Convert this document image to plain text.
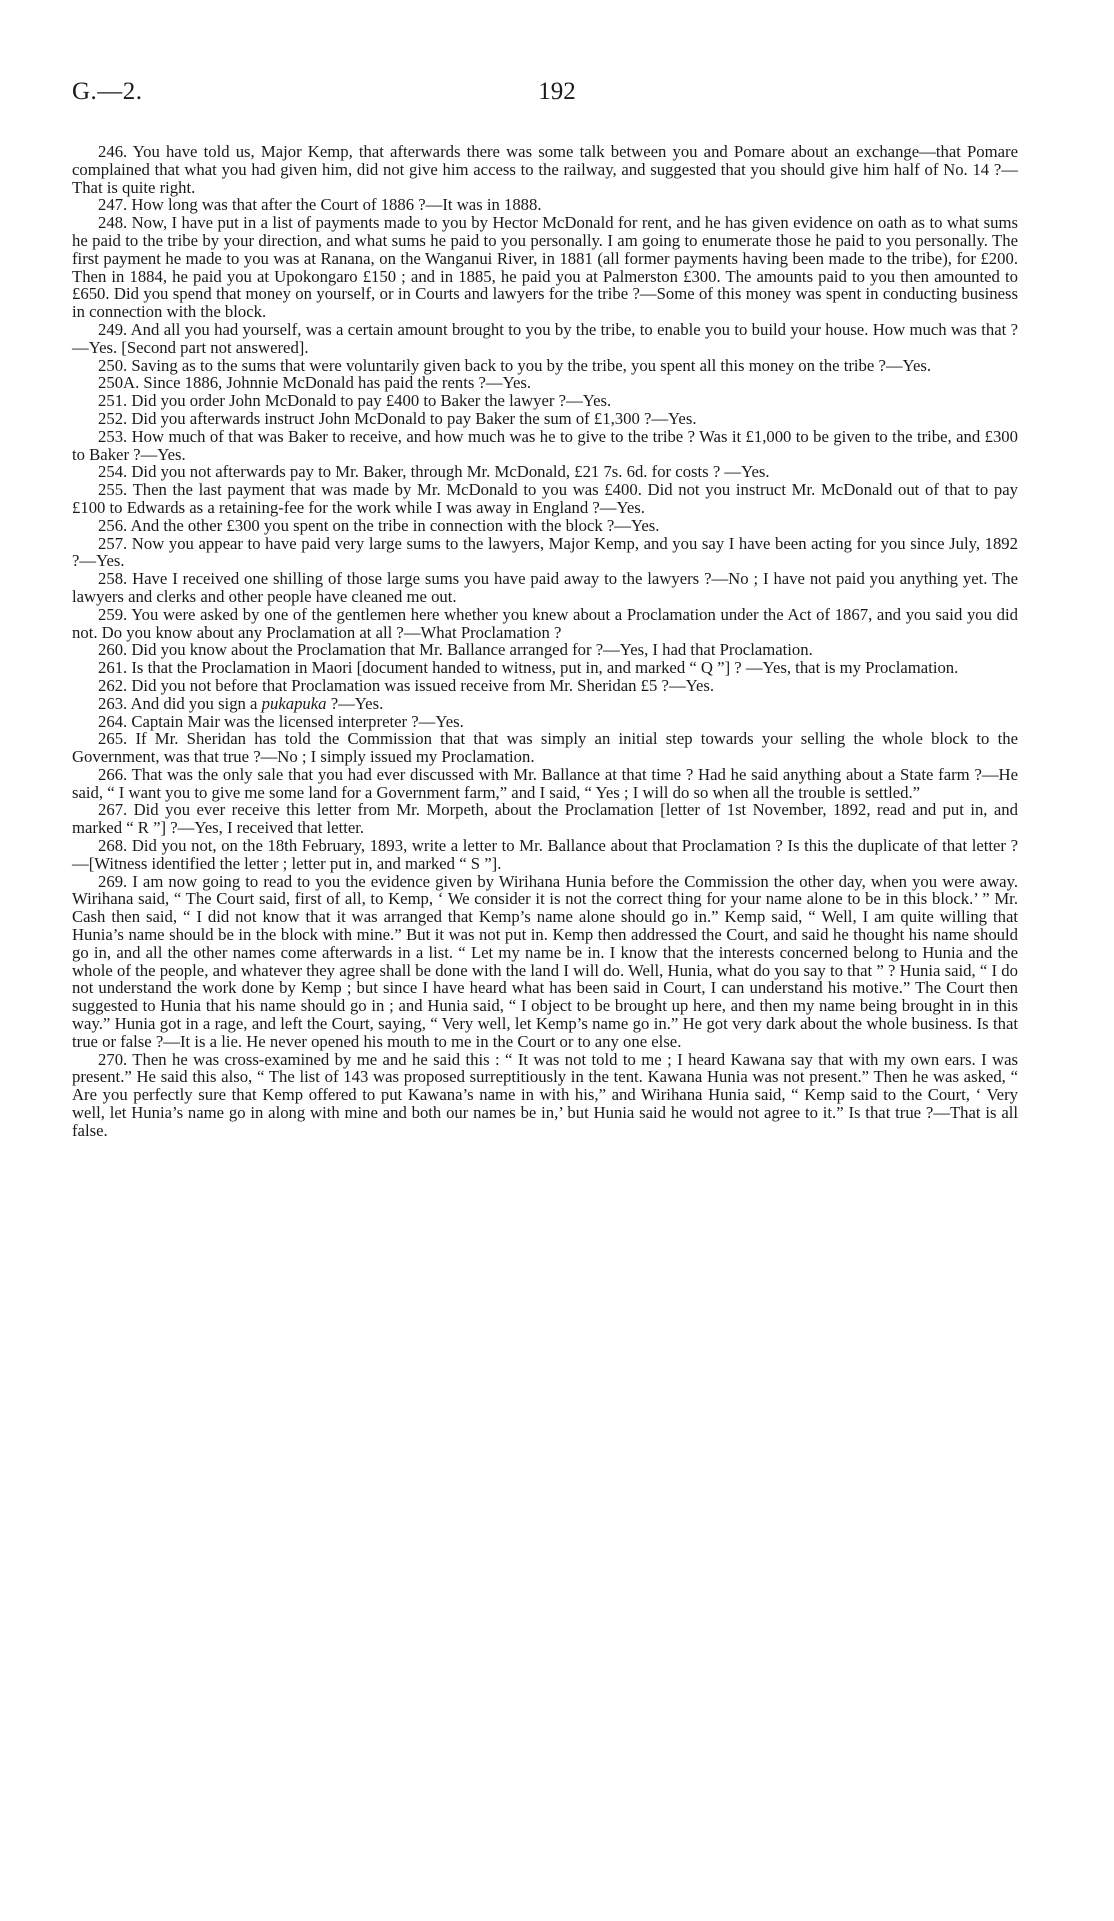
G.—2.	192

246. You have told us, Major Kemp, that afterwards there was some talk between you and Pomare about an exchange—that Pomare complained that what you had given him, did not give him access to the railway, and suggested that you should give him half of No. 14 ?—That is quite right.

247. How long was that after the Court of 1886 ?—It was in 1888.

248. Now, I have put in a list of payments made to you by Hector McDonald for rent, and he has given evidence on oath as to what sums he paid to the tribe by your direction, and what sums he paid to you personally. I am going to enumerate those he paid to you personally. The first payment he made to you was at Ranana, on the Wanganui River, in 1881 (all former payments having been made to the tribe), for £200. Then in 1884, he paid you at Upokongaro £150 ; and in 1885, he paid you at Palmerston £300. The amounts paid to you then amounted to £650. Did you spend that money on yourself, or in Courts and lawyers for the tribe ?—Some of this money was spent in conducting business in connection with the block.

249. And all you had yourself, was a certain amount brought to you by the tribe, to enable you to build your house. How much was that ?—Yes. [Second part not answered].

250. Saving as to the sums that were voluntarily given back to you by the tribe, you spent all this money on the tribe ?—Yes.

250A. Since 1886, Johnnie McDonald has paid the rents ?—Yes.

251. Did you order John McDonald to pay £400 to Baker the lawyer ?—Yes.

252. Did you afterwards instruct John McDonald to pay Baker the sum of £1,300 ?—Yes.

253. How much of that was Baker to receive, and how much was he to give to the tribe ? Was it £1,000 to be given to the tribe, and £300 to Baker ?—Yes.

254. Did you not afterwards pay to Mr. Baker, through Mr. McDonald, £21 7s. 6d. for costs ? —Yes.

255. Then the last payment that was made by Mr. McDonald to you was £400. Did not you instruct Mr. McDonald out of that to pay £100 to Edwards as a retaining-fee for the work while I was away in England ?—Yes.

256. And the other £300 you spent on the tribe in connection with the block ?—Yes.

257. Now you appear to have paid very large sums to the lawyers, Major Kemp, and you say I have been acting for you since July, 1892 ?—Yes.

258. Have I received one shilling of those large sums you have paid away to the lawyers ?—No ; I have not paid you anything yet. The lawyers and clerks and other people have cleaned me out.

259. You were asked by one of the gentlemen here whether you knew about a Proclamation under the Act of 1867, and you said you did not. Do you know about any Proclamation at all ?—What Proclamation ?

260. Did you know about the Proclamation that Mr. Ballance arranged for ?—Yes, I had that Proclamation.

261. Is that the Proclamation in Maori [document handed to witness, put in, and marked “ Q ”] ? —Yes, that is my Proclamation.

262. Did you not before that Proclamation was issued receive from Mr. Sheridan £5 ?—Yes.

263. And did you sign a pukapuka ?—Yes.

264. Captain Mair was the licensed interpreter ?—Yes.

265. If Mr. Sheridan has told the Commission that that was simply an initial step towards your selling the whole block to the Government, was that true ?—No ; I simply issued my Proclamation.

266. That was the only sale that you had ever discussed with Mr. Ballance at that time ? Had he said anything about a State farm ?—He said, “ I want you to give me some land for a Government farm,” and I said, “ Yes ; I will do so when all the trouble is settled.”

267. Did you ever receive this letter from Mr. Morpeth, about the Proclamation [letter of 1st November, 1892, read and put in, and marked “ R ”] ?—Yes, I received that letter.

268. Did you not, on the 18th February, 1893, write a letter to Mr. Ballance about that Proclamation ? Is this the duplicate of that letter ?—[Witness identified the letter ; letter put in, and marked “ S ”].

269. I am now going to read to you the evidence given by Wirihana Hunia before the Commission the other day, when you were away. Wirihana said, “ The Court said, first of all, to Kemp, ‘ We consider it is not the correct thing for your name alone to be in this block.’ ” Mr. Cash then said, “ I did not know that it was arranged that Kemp’s name alone should go in.” Kemp said, “ Well, I am quite willing that Hunia’s name should be in the block with mine.” But it was not put in. Kemp then addressed the Court, and said he thought his name should go in, and all the other names come afterwards in a list. “ Let my name be in. I know that the interests concerned belong to Hunia and the whole of the people, and whatever they agree shall be done with the land I will do. Well, Hunia, what do you say to that ” ? Hunia said, “ I do not understand the work done by Kemp ; but since I have heard what has been said in Court, I can understand his motive.” The Court then suggested to Hunia that his name should go in ; and Hunia said, “ I object to be brought up here, and then my name being brought in in this way.” Hunia got in a rage, and left the Court, saying, “ Very well, let Kemp’s name go in.” He got very dark about the whole business. Is that true or false ?—It is a lie. He never opened his mouth to me in the Court or to any one else.

270. Then he was cross-examined by me and he said this : “ It was not told to me ; I heard Kawana say that with my own ears. I was present.” He said this also, “ The list of 143 was proposed surreptitiously in the tent. Kawana Hunia was not present.” Then he was asked, “ Are you perfectly sure that Kemp offered to put Kawana’s name in with his,” and Wirihana Hunia said, “ Kemp said to the Court, ‘ Very well, let Hunia’s name go in along with mine and both our names be in,’ but Hunia said he would not agree to it.” Is that true ?—That is all false.
